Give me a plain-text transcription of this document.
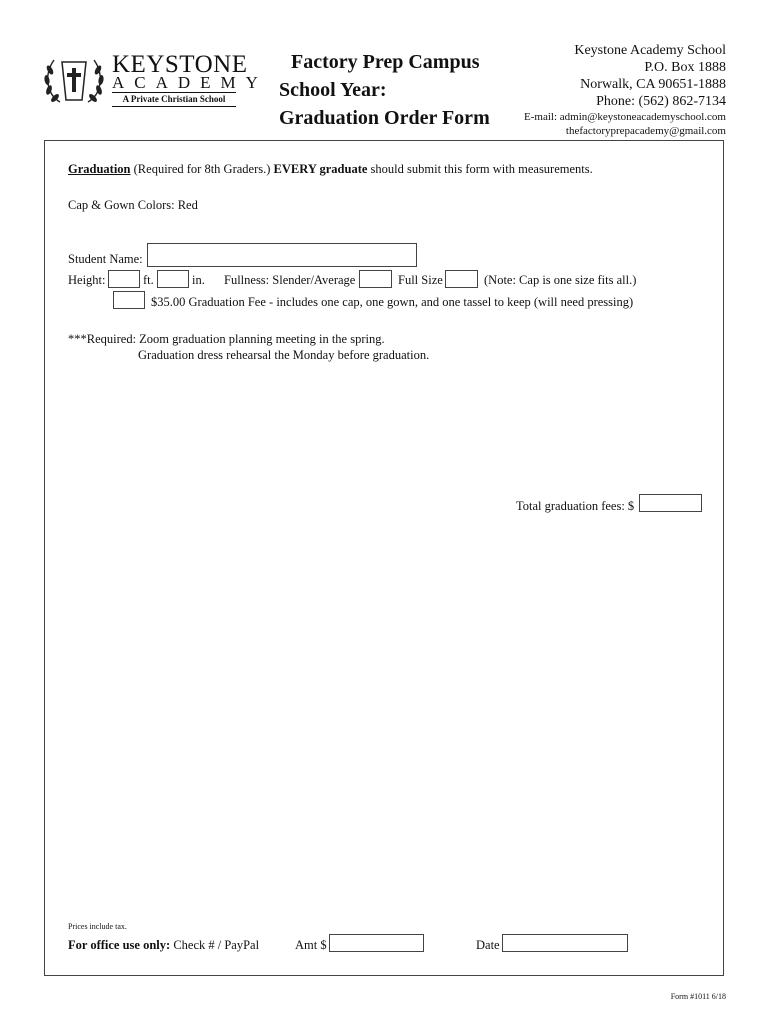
KEYSTONE
ACADEMY
A Private Christian School
Factory Prep Campus
School Year:
Graduation Order Form
Keystone Academy School
P.O. Box 1888
Norwalk, CA 90651-1888
Phone: (562) 862-7134
E-mail: admin@keystoneacademyschool.com
thefactoryprepacademy@gmail.com
Graduation (Required for 8th Graders.) EVERY graduate should submit this form with measurements.
Cap & Gown Colors: Red
Student Name:
Height:	ft.	in. Fullness: Slender/Average	Full Size	(Note: Cap is one size fits all.)
$35.00 Graduation Fee - includes one cap, one gown, and one tassel to keep (will need pressing)
***Required: Zoom graduation planning meeting in the spring.
Graduation dress rehearsal the Monday before graduation.
Total graduation fees: $
Prices include tax.
For office use only: Check # / PayPal	Amt $	Date
Form #1011 6/18
